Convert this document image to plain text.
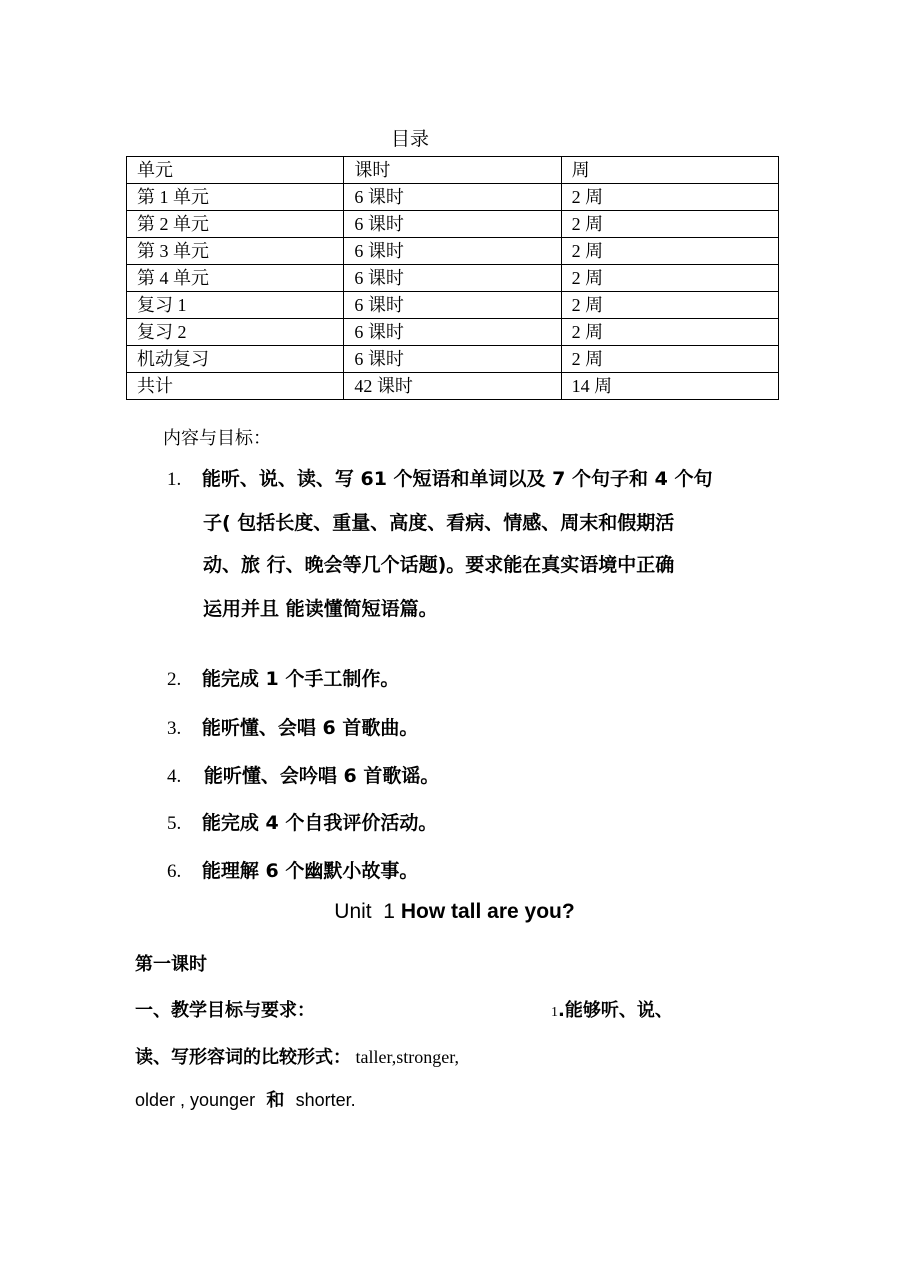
目录
单元	课时	周
第 1 单元	6 课时	2 周
第 2 单元	6 课时	2 周
第 3 单元	6 课时	2 周
第 4 单元	6 课时	2 周
复习 1	6 课时	2 周
复习 2	6 课时	2 周
机动复习	6 课时	2 周
共计	42 课时	14 周
内容与目标：
1. 能听、说、读、写 61 个短语和单词以及 7 个句子和 4 个句
子( 包括长度、重量、高度、看病、情感、周末和假期活
动、旅 行、晚会等几个话题)。要求能在真实语境中正确
运用并且 能读懂简短语篇。
2. 能完成 1 个手工制作。
3. 能听懂、会唱 6 首歌曲。
4. 能听懂、会吟唱 6 首歌谣。
5. 能完成 4 个自我评价活动。
6. 能理解 6 个幽默小故事。
Unit  1 How tall are you?
第一课时
一、教学目标与要求：	1.能够听、说、
读、写形容词的比较形式： taller,stronger,
older , younger  和  shorter.
